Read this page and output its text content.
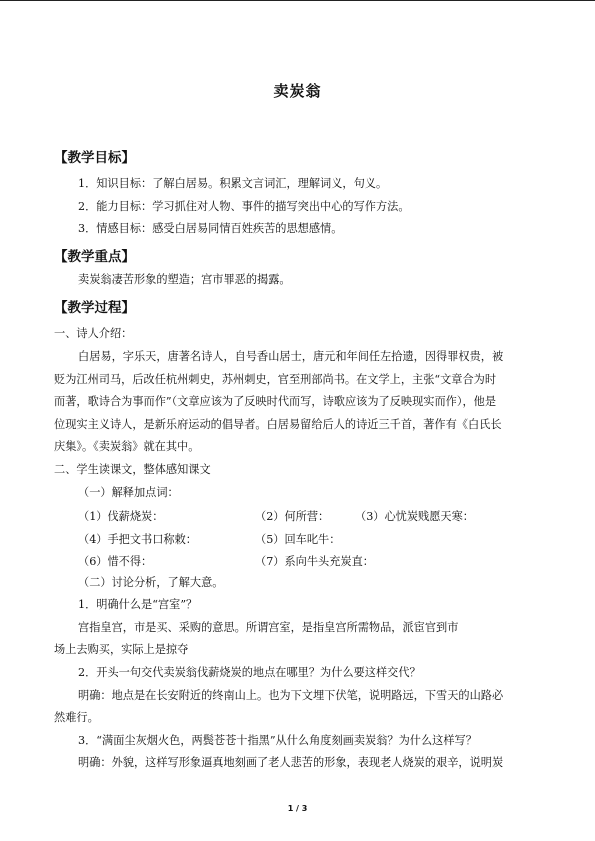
卖炭翁
【教学目标】
1．知识目标：了解白居易。积累文言词汇，理解词义，句义。
2．能力目标：学习抓住对人物、事件的描写突出中心的写作方法。
3．情感目标：感受白居易同情百姓疾苦的思想感情。
【教学重点】
卖炭翁凄苦形象的塑造；宫市罪恶的揭露。
【教学过程】
一、诗人介绍：
白居易，字乐天，唐著名诗人，自号香山居士，唐元和年间任左拾遗，因得罪权贵，被
贬为江州司马，后改任杭州刺史，苏州刺史，官至刑部尚书。在文学上，主张“文章合为时
而著，歌诗合为事而作”（文章应该为了反映时代而写，诗歌应该为了反映现实而作），他是
位现实主义诗人，是新乐府运动的倡导者。白居易留给后人的诗近三千首，著作有《白氏长
庆集》。《卖炭翁》就在其中。
二、学生读课文，整体感知课文
（一）解释加点词：
（1）伐薪烧炭：	（2）何所营： （3）心忧炭贱愿天寒：
（4）手把文书口称敕：	（5）回车叱牛：
（6）惜不得：	（7）系向牛头充炭直：
（二）讨论分析，了解大意。
1．明确什么是“宫室”？
宫指皇宫，市是买、采购的意思。所谓宫室，是指皇宫所需物品，派宦官到市
场上去购买，实际上是掠夺
2．开头一句交代卖炭翁伐薪烧炭的地点在哪里？为什么要这样交代？
明确：地点是在长安附近的终南山上。也为下文埋下伏笔，说明路远，下雪天的山路必
然难行。
3．“满面尘灰烟火色，两鬓苍苍十指黑”从什么角度刻画卖炭翁？为什么这样写？
明确：外貌，这样写形象逼真地刻画了老人悲苦的形象，表现老人烧炭的艰辛，说明炭
1 / 3
